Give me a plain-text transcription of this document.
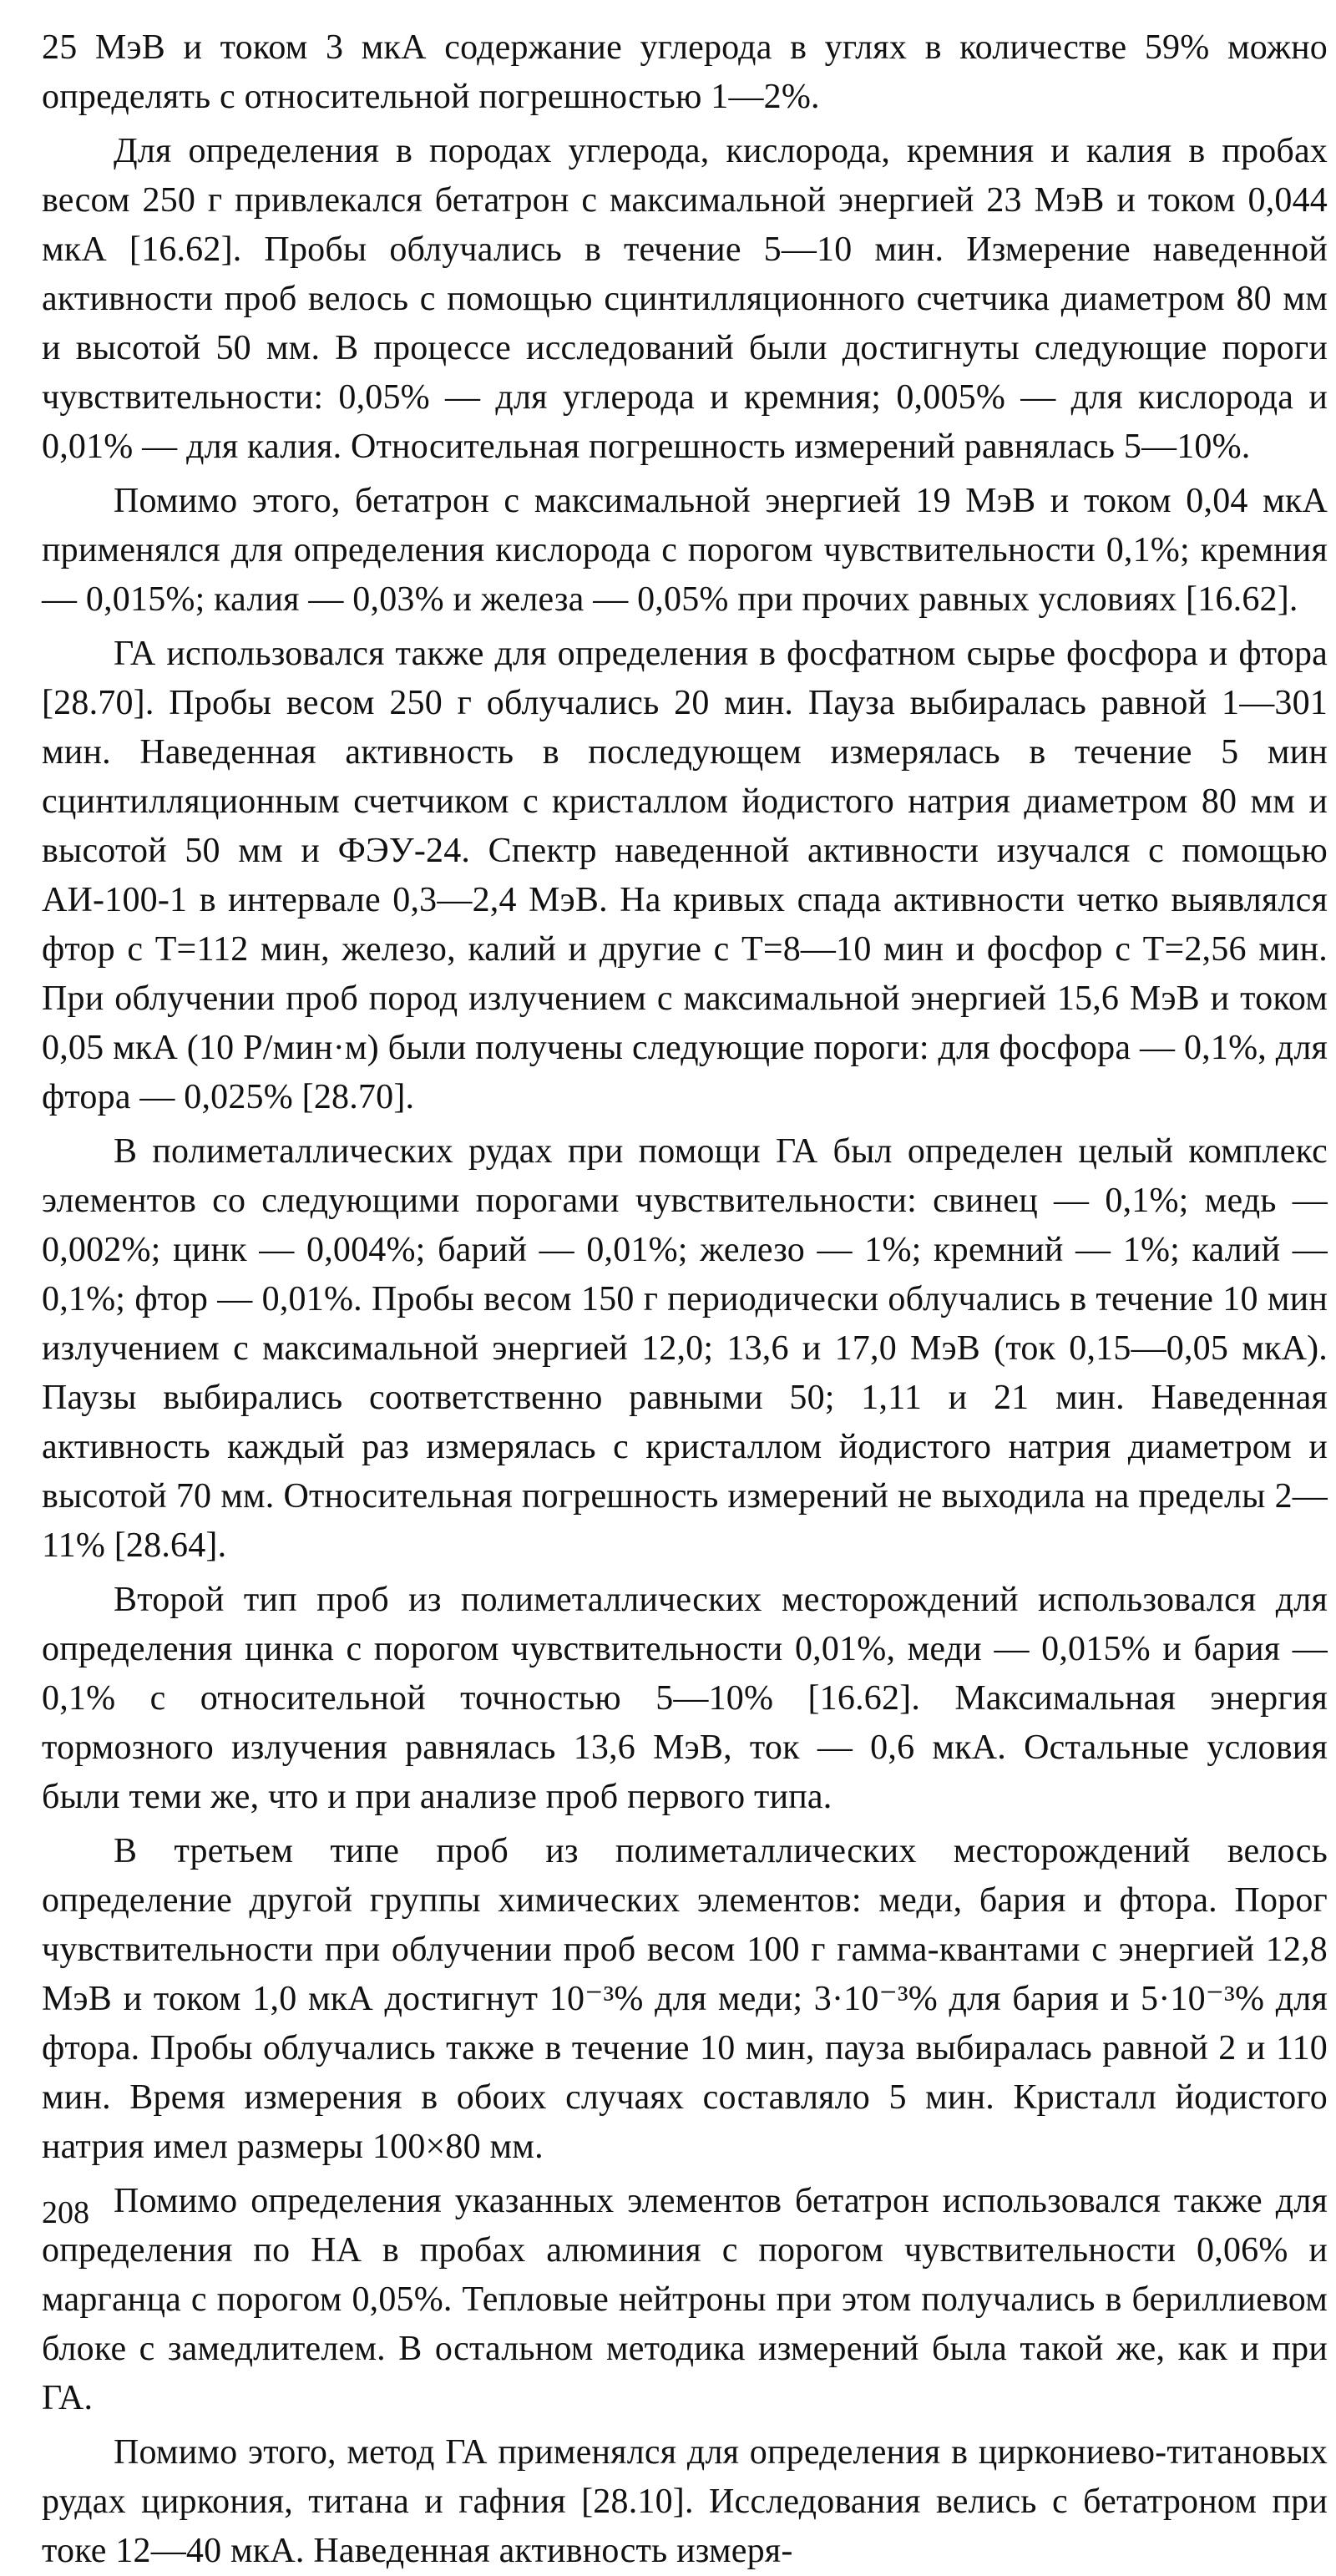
25 МэВ и током 3 мкА содержание углерода в углях в количестве 59% можно определять с относительной погрешностью 1—2%.

Для определения в породах углерода, кислорода, кремния и калия в пробах весом 250 г привлекался бетатрон с максимальной энергией 23 МэВ и током 0,044 мкА [16.62]. Пробы облучались в течение 5—10 мин. Измерение наведенной активности проб велось с помощью сцинтилляционного счетчика диаметром 80 мм и высотой 50 мм. В процессе исследований были достигнуты следующие пороги чувствительности: 0,05% — для углерода и кремния; 0,005% — для кислорода и 0,01% — для калия. Относительная погрешность измерений равнялась 5—10%.

Помимо этого, бетатрон с максимальной энергией 19 МэВ и током 0,04 мкА применялся для определения кислорода с порогом чувствительности 0,1%; кремния — 0,015%; калия — 0,03% и железа — 0,05% при прочих равных условиях [16.62].

ГА использовался также для определения в фосфатном сырье фосфора и фтора [28.70]. Пробы весом 250 г облучались 20 мин. Пауза выбиралась равной 1—301 мин. Наведенная активность в последующем измерялась в течение 5 мин сцинтилляционным счетчиком с кристаллом йодистого натрия диаметром 80 мм и высотой 50 мм и ФЭУ-24. Спектр наведенной активности изучался с помощью АИ-100-1 в интервале 0,3—2,4 МэВ. На кривых спада активности четко выявлялся фтор с T=112 мин, железо, калий и другие с T=8—10 мин и фосфор с T=2,56 мин. При облучении проб пород излучением с максимальной энергией 15,6 МэВ и током 0,05 мкА (10 Р/мин·м) были получены следующие пороги: для фосфора — 0,1%, для фтора — 0,025% [28.70].

В полиметаллических рудах при помощи ГА был определен целый комплекс элементов со следующими порогами чувствительности: свинец — 0,1%; медь — 0,002%; цинк — 0,004%; барий — 0,01%; железо — 1%; кремний — 1%; калий — 0,1%; фтор — 0,01%. Пробы весом 150 г периодически облучались в течение 10 мин излучением с максимальной энергией 12,0; 13,6 и 17,0 МэВ (ток 0,15—0,05 мкА). Паузы выбирались соответственно равными 50; 1,11 и 21 мин. Наведенная активность каждый раз измерялась с кристаллом йодистого натрия диаметром и высотой 70 мм. Относительная погрешность измерений не выходила на пределы 2—11% [28.64].

Второй тип проб из полиметаллических месторождений использовался для определения цинка с порогом чувствительности 0,01%, меди — 0,015% и бария — 0,1% с относительной точностью 5—10% [16.62]. Максимальная энергия тормозного излучения равнялась 13,6 МэВ, ток — 0,6 мкА. Остальные условия были теми же, что и при анализе проб первого типа.

В третьем типе проб из полиметаллических месторождений велось определение другой группы химических элементов: меди, бария и фтора. Порог чувствительности при облучении проб весом 100 г гамма-квантами с энергией 12,8 МэВ и током 1,0 мкА достигнут 10⁻³% для меди; 3·10⁻³% для бария и 5·10⁻³% для фтора. Пробы облучались также в течение 10 мин, пауза выбиралась равной 2 и 110 мин. Время измерения в обоих случаях составляло 5 мин. Кристалл йодистого натрия имел размеры 100×80 мм.

Помимо определения указанных элементов бетатрон использовался также для определения по НА в пробах алюминия с порогом чувствительности 0,06% и марганца с порогом 0,05%. Тепловые нейтроны при этом получались в бериллиевом блоке с замедлителем. В остальном методика измерений была такой же, как и при ГА.

Помимо этого, метод ГА применялся для определения в циркониево-титановых рудах циркония, титана и гафния [28.10]. Исследования велись с бетатроном при токе 12—40 мкА. Наведенная активность измеря-

208
